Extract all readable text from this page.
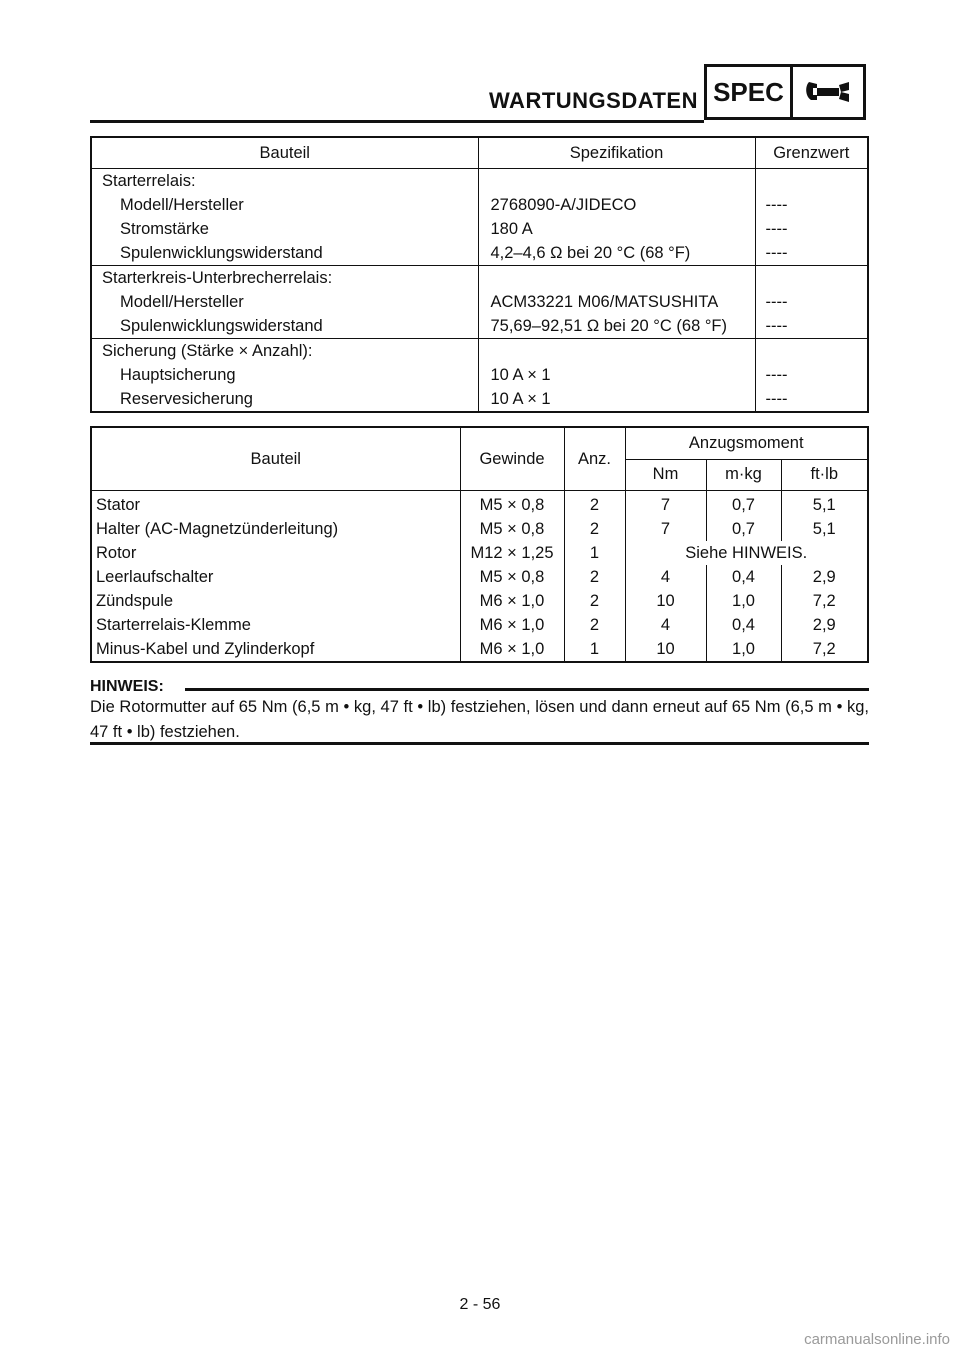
WARTUNGSDATEN SPEC
Bauteil	Spezifikation	Grenzwert
Starterrelais:		
Modell/Hersteller	2768090-A/JIDECO	----
Stromstärke	180 A	----
Spulenwicklungswiderstand	4,2–4,6 Ω bei 20 °C (68 °F)	----
Starterkreis-Unterbrecherrelais:		
Modell/Hersteller	ACM33221 M06/MATSUSHITA	----
Spulenwicklungswiderstand	75,69–92,51 Ω bei 20 °C (68 °F)	----
Sicherung (Stärke × Anzahl):		
Hauptsicherung	10 A × 1	----
Reservesicherung	10 A × 1	----
Bauteil	Gewinde	Anz.	Anzugsmoment		
			Nm	m·kg	ft·lb
Stator	M5 × 0,8	2	7	0,7	5,1
Halter (AC-Magnetzünderleitung)	M5 × 0,8	2	7	0,7	5,1
Rotor	M12 × 1,25	1	Siehe HINWEIS.		
Leerlaufschalter	M5 × 0,8	2	4	0,4	2,9
Zündspule	M6 × 1,0	2	10	1,0	7,2
Starterrelais-Klemme	M6 × 1,0	2	4	0,4	2,9
Minus-Kabel und Zylinderkopf	M6 × 1,0	1	10	1,0	7,2
HINWEIS:
Die Rotormutter auf 65 Nm (6,5 m • kg, 47 ft • lb) festziehen, lösen und dann erneut auf 65 Nm (6,5 m • kg, 47 ft • lb) festziehen.
2 - 56
carmanualsonline.info
